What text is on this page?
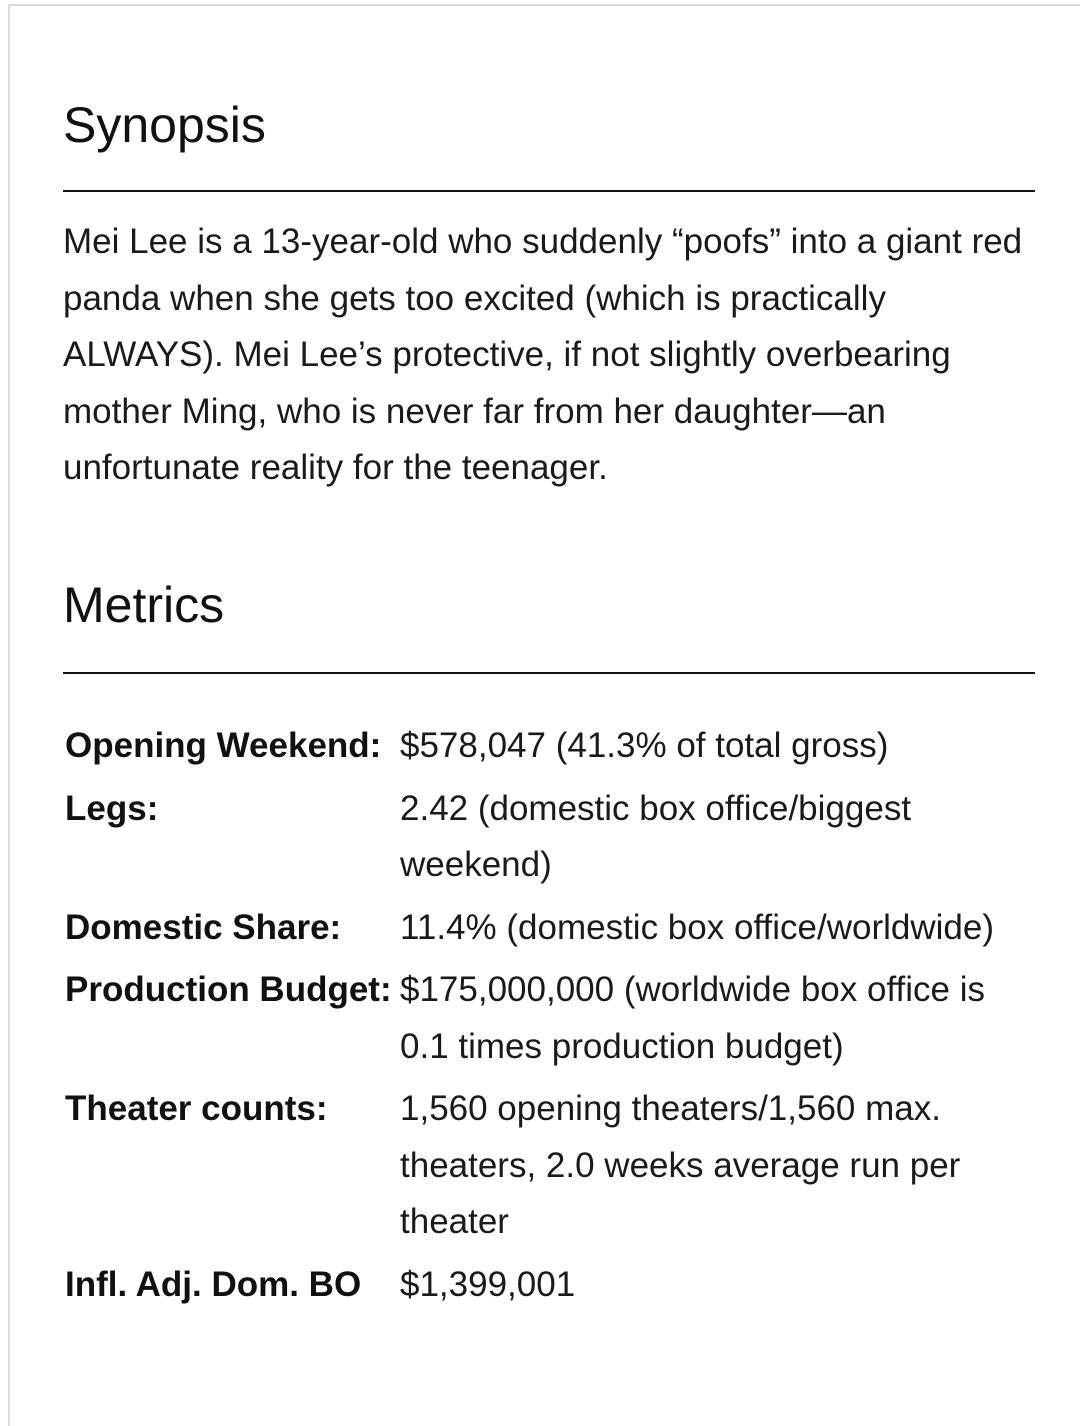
Synopsis

Mei Lee is a 13-year-old who suddenly “poofs” into a giant red panda when she gets too excited (which is practically ALWAYS). Mei Lee’s protective, if not slightly overbearing mother Ming, who is never far from her daughter—an unfortunate reality for the teenager.

Metrics
Opening Weekend:	$578,047 (41.3% of total gross)
Legs:	2.42 (domestic box office/biggest weekend)
Domestic Share:	11.4% (domestic box office/worldwide)
Production Budget:	$175,000,000 (worldwide box office is 0.1 times production budget)
Theater counts:	1,560 opening theaters/1,560 max. theaters, 2.0 weeks average run per theater
Infl. Adj. Dom. BO	$1,399,001
